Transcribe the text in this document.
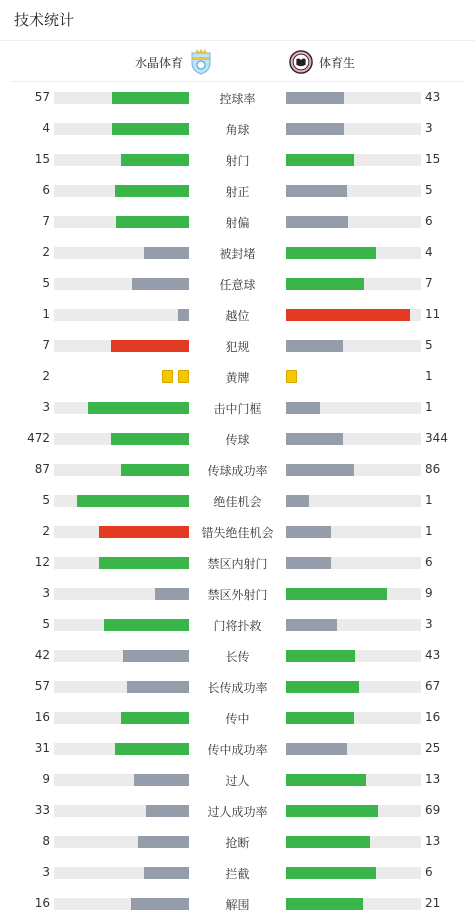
技术统计
水晶体育	体育生
57	控球率	43
4	角球	3
15	射门	15
6	射正	5
7	射偏	6
2	被封堵	4
5	任意球	7
1	越位	11
7	犯规	5
2	黄牌	1
3	击中门框	1
472	传球	344
87	传球成功率	86
5	绝佳机会	1
2	错失绝佳机会	1
12	禁区内射门	6
3	禁区外射门	9
5	门将扑救	3
42	长传	43
57	长传成功率	67
16	传中	16
31	传中成功率	25
9	过人	13
33	过人成功率	69
8	抢断	13
3	拦截	6
16	解围	21
